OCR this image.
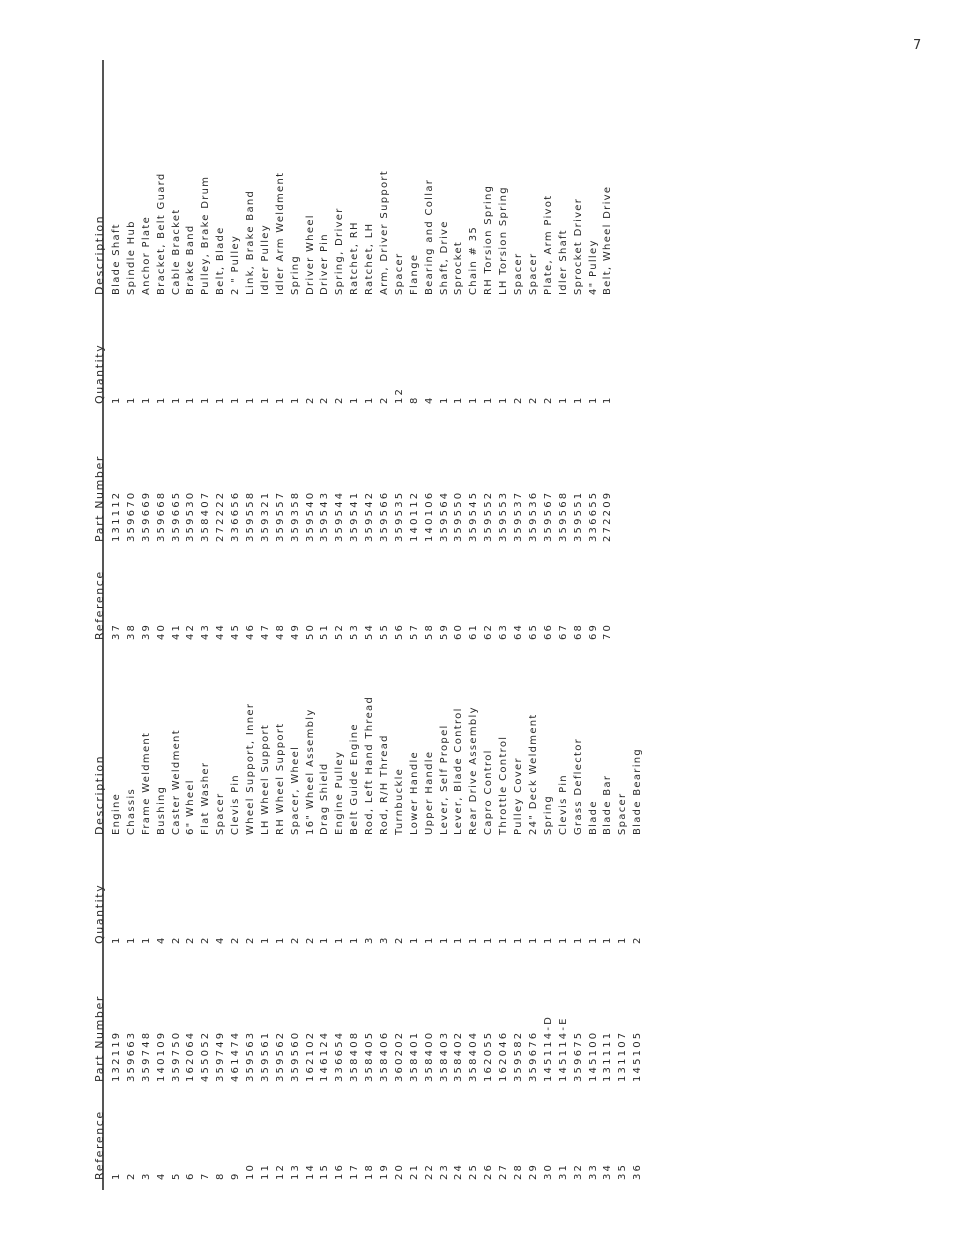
7
Reference 1 2 3 4 5 6 7 8 9 10 11 12 13 14 15 16 17 18 19 20 21 22 23 24 25 26 27 28 29 30 31 32 33 34 35 36
Part Number 132119 359663 359748 140109 359750 162064 455052 359749 461474 359563 359561 359562 359560 162102 146124 336654 358408 358405 358406 360202 358401 358400 358403 358402 358404 162055 162046 359582 359676 145114-D 145114-E 359675 145100 131111 131107 145105
Quantity 1 1 1 4 2 2 2 4 2 2 1 1 2 2 1 1 1 3 3 2 1 1 1 1 1 1 1 1 1 1 1 1 1 1 1 2
Description Engine Chassis Frame Weldment Bushing Caster Weldment 6" Wheel Flat Washer Spacer Clevis Pin Wheel Support, Inner LH Wheel Support RH Wheel Support Spacer, Wheel 16" Wheel Assembly Drag Shield Engine Pulley Belt Guide Engine Rod, Left Hand Thread Rod, R/H Thread Turnbuckle Lower Handle Upper Handle Lever, Self Propel Lever, Blade Control Rear Drive Assembly Capro Control Throttle Control Pulley Cover 24" Deck Weldment Spring Clevis Pin Grass Deflector Blade Blade Bar Spacer Blade Bearing
Reference 37 38 39 40 41 42 43 44 45 46 47 48 49 50 51 52 53 54 55 56 57 58 59 60 61 62 63 64 65 66 67 68 69 70
Part Number 131112 359670 359669 359668 359665 359530 358407 272222 336656 359558 359321 359557 359358 359540 359543 359544 359541 359542 359566 359535 140112 140106 359564 359550 359545 359552 359553 359537 359536 359567 359568 359551 336655 272209
Quantity 1 1 1 1 1 1 1 1 1 1 1 1 1 2 2 2 1 1 2 12 8 4 1 1 1 1 1 2 2 2 1 1 1 1
Description Blade Shaft Spindle Hub Anchor Plate Bracket, Belt Guard Cable Bracket Brake Band Pulley, Brake Drum Belt, Blade 2 " Pulley Link, Brake Band Idler Pulley Idler Arm Weldment Spring Driver Wheel Driver Pin Spring, Driver Ratchet, RH Ratchet, LH Arm, Driver Support Spacer Flange Bearing and Collar Shaft, Drive Sprocket Chain # 35 RH Torsion Spring LH Torsion Spring Spacer Spacer Plate, Arm Pivot Idler Shaft Sprocket Driver 4" Pulley Belt, Wheel Drive
